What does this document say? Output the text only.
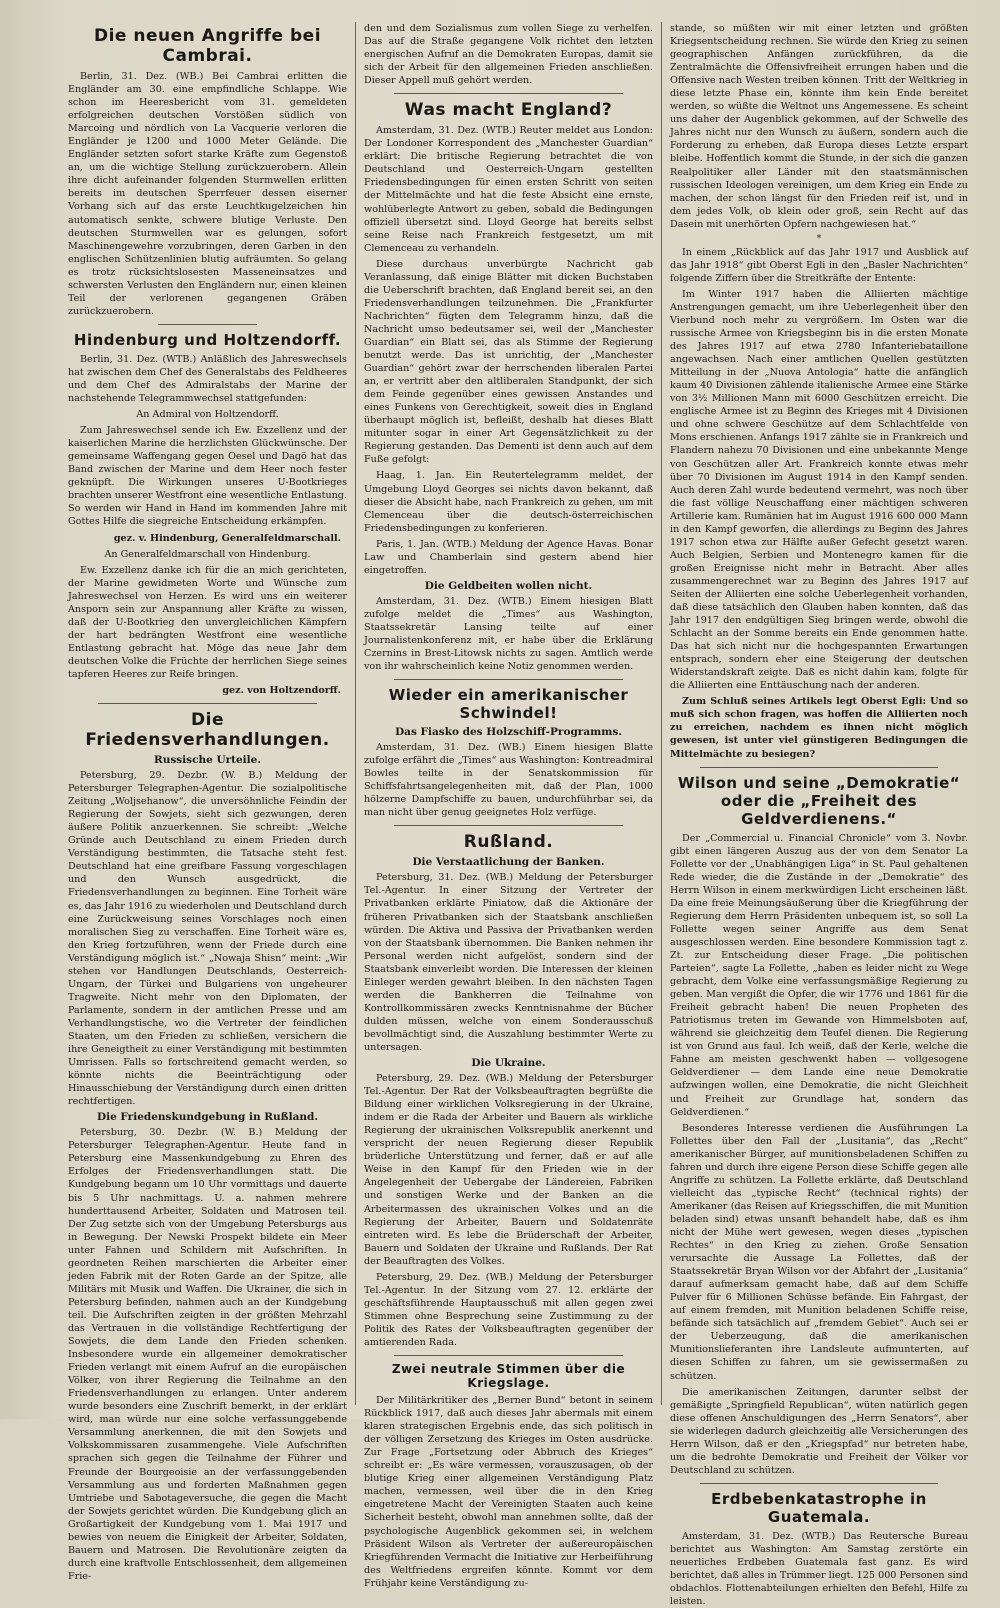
Die neuen Angriffe bei Cambrai.

Berlin, 31. Dez. (WB.) Bei Cambrai erlitten die Engländer am 30. eine empfindliche Schlappe. Wie schon im Heeresbericht vom 31. gemeldeten erfolgreichen deutschen Vorstößen südlich von Marcoing und nördlich von La Vacquerie verloren die Engländer je 1200 und 1000 Meter Gelände. Die Engländer setzten sofort starke Kräfte zum Gegenstoß an, um die wichtige Stellung zurückzuerobern. Allein ihre dicht aufeinander folgenden Sturmwellen erlitten bereits im deutschen Sperrfeuer dessen eiserner Vorhang sich auf das erste Leuchtkugelzeichen hin automatisch senkte, schwere blutige Verluste. Den deutschen Sturmwellen war es gelungen, sofort Maschinengewehre vorzubringen, deren Garben in den englischen Schützenlinien blutig aufräumten. So gelang es trotz rücksichtslosesten Masseneinsatzes und schwersten Verlusten den Engländern nur, einen kleinen Teil der verlorenen gegangenen Gräben zurückzuerobern.

Hindenburg und Holtzendorff.

Berlin, 31. Dez. (WTB.) Anläßlich des Jahreswechsels hat zwischen dem Chef des Generalstabs des Feldheeres und dem Chef des Admiralstabs der Marine der nachstehende Telegrammwechsel stattgefunden:

An Admiral von Holtzendorff.

Zum Jahreswechsel sende ich Ew. Exzellenz und der kaiserlichen Marine die herzlichsten Glückwünsche. Der gemeinsame Waffengang gegen Oesel und Dagö hat das Band zwischen der Marine und dem Heer noch fester geknüpft. Die Wirkungen unseres U-Bootkrieges brachten unserer Westfront eine wesentliche Entlastung. So werden wir Hand in Hand im kommenden Jahre mit Gottes Hilfe die siegreiche Entscheidung erkämpfen.

gez. v. Hindenburg, Generalfeldmarschall.

An Generalfeldmarschall von Hindenburg.

Ew. Exzellenz danke ich für die an mich gerichteten, der Marine gewidmeten Worte und Wünsche zum Jahreswechsel von Herzen. Es wird uns ein weiterer Ansporn sein zur Anspannung aller Kräfte zu wissen, daß der U-Bootkrieg den unvergleichlichen Kämpfern der hart bedrängten Westfront eine wesentliche Entlastung gebracht hat. Möge das neue Jahr dem deutschen Volke die Früchte der herrlichen Siege seines tapferen Heeres zur Reife bringen.

gez. von Holtzendorff.

Die Friedensverhandlungen.
Russische Urteile.

Petersburg, 29. Dezbr. (W. B.) Meldung der Petersburger Telegraphen-Agentur. Die sozialpolitische Zeitung „Woljsehanow“, die unversöhnliche Feindin der Regierung der Sowjets, sieht sich gezwungen, deren äußere Politik anzuerkennen. Sie schreibt: „Welche Gründe auch Deutschland zu einem Frieden durch Verständigung bestimmten, die Tatsache steht fest. Deutschland hat eine greifbare Fassung vorgeschlagen und den Wunsch ausgedrückt, die Friedensverhandlungen zu beginnen. Eine Torheit wäre es, das Jahr 1916 zu wiederholen und Deutschland durch eine Zurückweisung seines Vorschlages noch einen moralischen Sieg zu verschaffen. Eine Torheit wäre es, den Krieg fortzuführen, wenn der Friede durch eine Verständigung möglich ist.“ „Nowaja Shisn“ meint: „Wir stehen vor Handlungen Deutschlands, Oesterreich-Ungarn, der Türkei und Bulgariens von ungeheurer Tragweite. Nicht mehr von den Diplomaten, der Parlamente, sondern in der amtlichen Presse und am Verhandlungstische, wo die Vertreter der feindlichen Staaten, um den Frieden zu schließen, versichern die ihre Geneigtheit zu einer Verständigung mit bestimmten Umrissen. Falls so fortschreitend gemacht werden, so könnte nichts die Beeinträchtigung oder Hinausschiebung der Verständigung durch einen dritten rechtfertigen.

Die Friedenskundgebung in Rußland.

Petersburg, 30. Dezbr. (W. B.) Meldung der Petersburger Telegraphen-Agentur. Heute fand in Petersburg eine Massenkundgebung zu Ehren des Erfolges der Friedensverhandlungen statt. Die Kundgebung begann um 10 Uhr vormittags und dauerte bis 5 Uhr nachmittags. U. a. nahmen mehrere hunderttausend Arbeiter, Soldaten und Matrosen teil. Der Zug setzte sich von der Umgebung Petersburgs aus in Bewegung. Der Newski Prospekt bildete ein Meer unter Fahnen und Schildern mit Aufschriften. In geordneten Reihen marschierten die Arbeiter einer jeden Fabrik mit der Roten Garde an der Spitze, alle Militärs mit Musik und Waffen. Die Ukrainer, die sich in Petersburg befinden, nahmen auch an der Kundgebung teil. Die Aufschriften zeigten in der größten Mehrzahl das Vertrauen in die vollständige Rechtfertigung der Sowjets, die dem Lande den Frieden schenken. Insbesondere wurde ein allgemeiner demokratischer Frieden verlangt mit einem Aufruf an die europäischen Völker, von ihrer Regierung die Teilnahme an den Friedensverhandlungen zu erlangen. Unter anderem wurde besonders eine Zuschrift bemerkt, in der erklärt wird, man würde nur eine solche verfassunggebende Versammlung anerkennen, die mit den Sowjets und Volkskommissaren zusammengehe. Viele Aufschriften sprachen sich gegen die Teilnahme der Führer und Freunde der Bourgeoisie an der verfassunggebenden Versammlung aus und forderten Maßnahmen gegen Umtriebe und Sabotageversuche, die gegen die Macht der Sowjets gerichtet würden. Die Kundgebung glich an Großartigkeit der Kundgebung vom 1. Mai 1917 und bewies von neuem die Einigkeit der Arbeiter, Soldaten, Bauern und Matrosen. Die Revolutionäre zeigten da durch eine kraftvolle Entschlossenheit, dem allgemeinen Frie-

den und dem Sozialismus zum vollen Siege zu verhelfen. Das auf die Straße gegangene Volk richtet den letzten energischen Aufruf an die Demokraten Europas, damit sie sich der Arbeit für den allgemeinen Frieden anschließen. Dieser Appell muß gehört werden.

Was macht England?

Amsterdam, 31. Dez. (WTB.) Reuter meldet aus London: Der Londoner Korrespondent des „Manchester Guardian“ erklärt: Die britische Regierung betrachtet die von Deutschland und Oesterreich-Ungarn gestellten Friedensbedingungen für einen ersten Schritt von seiten der Mittelmächte und hat die feste Absicht eine ernste, wohlüberlegte Antwort zu geben, sobald die Bedingungen offiziell übersetzt sind. Lloyd George hat bereits selbst seine Reise nach Frankreich festgesetzt, um mit Clemenceau zu verhandeln.

Diese durchaus unverbürgte Nachricht gab Veranlassung, daß einige Blätter mit dicken Buchstaben die Ueberschrift brachten, daß England bereit sei, an den Friedensverhandlungen teilzunehmen. Die „Frankfurter Nachrichten“ fügten dem Telegramm hinzu, daß die Nachricht umso bedeutsamer sei, weil der „Manchester Guardian“ ein Blatt sei, das als Stimme der Regierung benutzt werde. Das ist unrichtig, der „Manchester Guardian“ gehört zwar der herrschenden liberalen Partei an, er vertritt aber den altliberalen Standpunkt, der sich dem Feinde gegenüber eines gewissen Anstandes und eines Funkens von Gerechtigkeit, soweit dies in England überhaupt möglich ist, befleißt, deshalb hat dieses Blatt mitunter sogar in einer Art Gegensätzlichkeit zu der Regierung gestanden. Das Dementi ist denn auch auf dem Fuße gefolgt:

Haag, 1. Jan. Ein Reutertelegramm meldet, der Umgebung Lloyd Georges sei nichts davon bekannt, daß dieser die Absicht habe, nach Frankreich zu gehen, um mit Clemenceau über die deutsch-österreichischen Friedensbedingungen zu konferieren.

Paris, 1. Jan. (WTB.) Meldung der Agence Havas. Bonar Law und Chamberlain sind gestern abend hier eingetroffen.

Die Geldbeiten wollen nicht.

Amsterdam, 31. Dez. (WTB.) Einem hiesigen Blatt zufolge meldet die „Times“ aus Washington, Staatssekretär Lansing teilte auf einer Journalistenkonferenz mit, er habe über die Erklärung Czernins in Brest-Litowsk nichts zu sagen. Amtlich werde von ihr wahrscheinlich keine Notiz genommen werden.

Wieder ein amerikanischer Schwindel!
Das Fiasko des Holzschiff-Programms.

Amsterdam, 31. Dez. (WB.) Einem hiesigen Blatte zufolge erfährt die „Times“ aus Washington: Kontreadmiral Bowles teilte in der Senatskommission für Schiffsfahrtsangelegenheiten mit, daß der Plan, 1000 hölzerne Dampfschiffe zu bauen, undurchführbar sei, da man nicht über genug geeignetes Holz verfüge.

Rußland.
Die Verstaatlichung der Banken.

Petersburg, 31. Dez. (WB.) Meldung der Petersburger Tel.-Agentur. In einer Sitzung der Vertreter der Privatbanken erklärte Piniatow, daß die Aktionäre der früheren Privatbanken sich der Staatsbank anschließen würden. Die Aktiva und Passiva der Privatbanken werden von der Staatsbank übernommen. Die Banken nehmen ihr Personal werden nicht aufgelöst, sondern sind der Staatsbank einverleibt worden. Die Interessen der kleinen Einleger werden gewahrt bleiben. In den nächsten Tagen werden die Bankherren die Teilnahme von Kontrollkommissären zwecks Kenntnisnahme der Bücher dulden müssen, welche von einem Sonderausschuß bevollmächtigt sind, die Auszahlung bestimmter Werte zu untersagen.

Die Ukraine.

Petersburg, 29. Dez. (WB.) Meldung der Petersburger Tel.-Agentur. Der Rat der Volksbeauftragten begrüßte die Bildung einer wirklichen Volksregierung in der Ukraine, indem er die Rada der Arbeiter und Bauern als wirkliche Regierung der ukrainischen Volksrepublik anerkennt und verspricht der neuen Regierung dieser Republik brüderliche Unterstützung und ferner, daß er auf alle Weise in den Kampf für den Frieden wie in der Angelegenheit der Uebergabe der Ländereien, Fabriken und sonstigen Werke und der Banken an die Arbeitermassen des ukrainischen Volkes und an die Regierung der Arbeiter, Bauern und Soldatenräte eintreten wird. Es lebe die Brüderschaft der Arbeiter, Bauern und Soldaten der Ukraine und Rußlands. Der Rat der Beauftragten des Volkes.

Petersburg, 29. Dez. (WB.) Meldung der Petersburger Tel.-Agentur. In der Sitzung vom 27. 12. erklärte der geschäftsführende Hauptausschuß mit allen gegen zwei Stimmen ohne Besprechung seine Zustimmung zu der Politik des Rates der Volksbeauftragten gegenüber der amtierenden Rada.

Zwei neutrale Stimmen über die Kriegslage.

Der Militärkritiker des „Berner Bund“ betont in seinem Rückblick 1917, daß auch dieses Jahr abermals mit einem klaren strategischen Ergebnis ende, das sich politisch in der völligen Zersetzung des Krieges im Osten ausdrücke. Zur Frage „Fortsetzung oder Abbruch des Krieges“ schreibt er: „Es wäre vermessen, vorauszusagen, ob der blutige Krieg einer allgemeinen Verständigung Platz machen, vermessen, weil über die in den Krieg eingetretene Macht der Vereinigten Staaten auch keine Sicherheit besteht, obwohl man annehmen sollte, daß der psychologische Augenblick gekommen sei, in welchem Präsident Wilson als Vertreter der außereuropäischen Kriegführenden Vermacht die Initiative zur Herbeiführung des Weltfriedens ergreifen könnte. Kommt vor dem Frühjahr keine Verständigung zu-

stande, so müßten wir mit einer letzten und größten Kriegsentscheidung rechnen. Sie würde den Krieg zu seinen geographischen Anfängen zurückführen, da die Zentralmächte die Offensivfreiheit errungen haben und die Offensive nach Westen treiben können. Tritt der Weltkrieg in diese letzte Phase ein, könnte ihm kein Ende bereitet werden, so wüßte die Weltnot uns Angemessene. Es scheint uns daher der Augenblick gekommen, auf der Schwelle des Jahres nicht nur den Wunsch zu äußern, sondern auch die Forderung zu erheben, daß Europa dieses Letzte erspart bleibe. Hoffentlich kommt die Stunde, in der sich die ganzen Realpolitiker aller Länder mit den staatsmännischen russischen Ideologen vereinigen, um dem Krieg ein Ende zu machen, der schon längst für den Frieden reif ist, und in dem jedes Volk, ob klein oder groß, sein Recht auf das Dasein mit unerhörten Opfern nachgewiesen hat.“

*

In einem „Rückblick auf das Jahr 1917 und Ausblick auf das Jahr 1918“ gibt Oberst Egli in den „Basler Nachrichten“ folgende Ziffern über die Streitkräfte der Entente:

Im Winter 1917 haben die Alliierten mächtige Anstrengungen gemacht, um ihre Ueberlegenheit über den Vierbund noch mehr zu vergrößern. Im Osten war die russische Armee von Kriegsbeginn bis in die ersten Monate des Jahres 1917 auf etwa 2780 Infanteriebataillone angewachsen. Nach einer amtlichen Quellen gestützten Mitteilung in der „Nuova Antologia“ hatte die anfänglich kaum 40 Divisionen zählende italienische Armee eine Stärke von 3½ Millionen Mann mit 6000 Geschützen erreicht. Die englische Armee ist zu Beginn des Krieges mit 4 Divisionen und ohne schwere Geschütze auf dem Schlachtfelde von Mons erschienen. Anfangs 1917 zählte sie in Frankreich und Flandern nahezu 70 Divisionen und eine unbekannte Menge von Geschützen aller Art. Frankreich konnte etwas mehr über 70 Divisionen im August 1914 in den Kampf senden. Auch deren Zahl wurde bedeutend vermehrt, was noch über die fast völlige Neuschaffung einer mächtigen schweren Artillerie kam. Rumänien hat im August 1916 600 000 Mann in den Kampf geworfen, die allerdings zu Beginn des Jahres 1917 schon etwa zur Hälfte außer Gefecht gesetzt waren. Auch Belgien, Serbien und Montenegro kamen für die großen Ereignisse nicht mehr in Betracht. Aber alles zusammengerechnet war zu Beginn des Jahres 1917 auf Seiten der Alliierten eine solche Ueberlegenheit vorhanden, daß diese tatsächlich den Glauben haben konnten, daß das Jahr 1917 den endgültigen Sieg bringen werde, obwohl die Schlacht an der Somme bereits ein Ende genommen hatte. Das hat sich nicht nur die hochgespannten Erwartungen entsprach, sondern eher eine Steigerung der deutschen Widerstandskraft zeigte. Daß es nicht dahin kam, folgte für die Alliierten eine Enttäuschung nach der anderen.

Zum Schluß seines Artikels legt Oberst Egli: Und so muß sich schon fragen, was hoffen die Alliierten noch zu erreichen, nachdem es ihnen nicht möglich gewesen, ist unter viel günstigeren Bedingungen die Mittelmächte zu besiegen?

Wilson und seine „Demokratie“ oder die „Freiheit des Geldverdienens.“

Der „Commercial u. Financial Chronicle“ vom 3. Novbr. gibt einen längeren Auszug aus der von dem Senator La Follette vor der „Unabhängigen Liga“ in St. Paul gehaltenen Rede wieder, die die Zustände in der „Demokratie“ des Herrn Wilson in einem merkwürdigen Licht erscheinen läßt. Da eine freie Meinungsäußerung über die Kriegführung der Regierung dem Herrn Präsidenten unbequem ist, so soll La Follette wegen seiner Angriffe aus dem Senat ausgeschlossen werden. Eine besondere Kommission tagt z. Zt. zur Entscheidung dieser Frage. „Die politischen Parteien“, sagte La Follette, „haben es leider nicht zu Wege gebracht, dem Volke eine verfassungsmäßige Regierung zu geben. Man vergißt die Opfer, die wir 1776 und 1861 für die Freiheit gebracht haben! Die neuen Propheten des Patriotismus treten im Gewande von Himmelsboten auf, während sie gleichzeitig dem Teufel dienen. Die Regierung ist von Grund aus faul. Ich weiß, daß der Kerle, welche die Fahne am meisten geschwenkt haben — vollgesogene Geldverdiener — dem Lande eine neue Demokratie aufzwingen wollen, eine Demokratie, die nicht Gleichheit und Freiheit zur Grundlage hat, sondern das Geldverdienen.“

Besonderes Interesse verdienen die Ausführungen La Follettes über den Fall der „Lusitania“, das „Recht“ amerikanischer Bürger, auf munitionsbeladenen Schiffen zu fahren und durch ihre eigene Person diese Schiffe gegen alle Angriffe zu schützen. La Follette erklärte, daß Deutschland vielleicht das „typische Recht“ (technical rights) der Amerikaner (das Reisen auf Kriegsschiffen, die mit Munition beladen sind) etwas unsanft behandelt habe, daß es ihm nicht der Mühe wert gewesen, wegen dieses „typischen Rechtes“ in den Krieg zu ziehen. Große Sensation verursachte die Aussage La Follettes, daß der Staatssekretär Bryan Wilson vor der Abfahrt der „Lusitania“ darauf aufmerksam gemacht habe, daß auf dem Schiffe Pulver für 6 Millionen Schüsse befände. Ein Fahrgast, der auf einem fremden, mit Munition beladenen Schiffe reise, befände sich tatsächlich auf „fremdem Gebiet“. Auch sei er der Ueberzeugung, daß die amerikanischen Munitionslieferanten ihre Landsleute aufmunterten, auf diesen Schiffen zu fahren, um sie gewissermaßen zu schützen.

Die amerikanischen Zeitungen, darunter selbst der gemäßigte „Springfield Republican“, wüten natürlich gegen diese offenen Anschuldigungen des „Herrn Senators“, aber sie widerlegen dadurch gleichzeitig alle Versicherungen des Herrn Wilson, daß er den „Kriegspfad“ nur betreten habe, um die bedrohte Demokratie und Freiheit der Völker vor Deutschland zu schützen.

Erdbebenkatastrophe in Guatemala.

Amsterdam, 31. Dez. (WTB.) Das Reutersche Bureau berichtet aus Washington: Am Samstag zerstörte ein neuerliches Erdbeben Guatemala fast ganz. Es wird berichtet, daß alles in Trümmer liegt. 125 000 Personen sind obdachlos. Flottenabteilungen erhielten den Befehl, Hilfe zu leisten.
